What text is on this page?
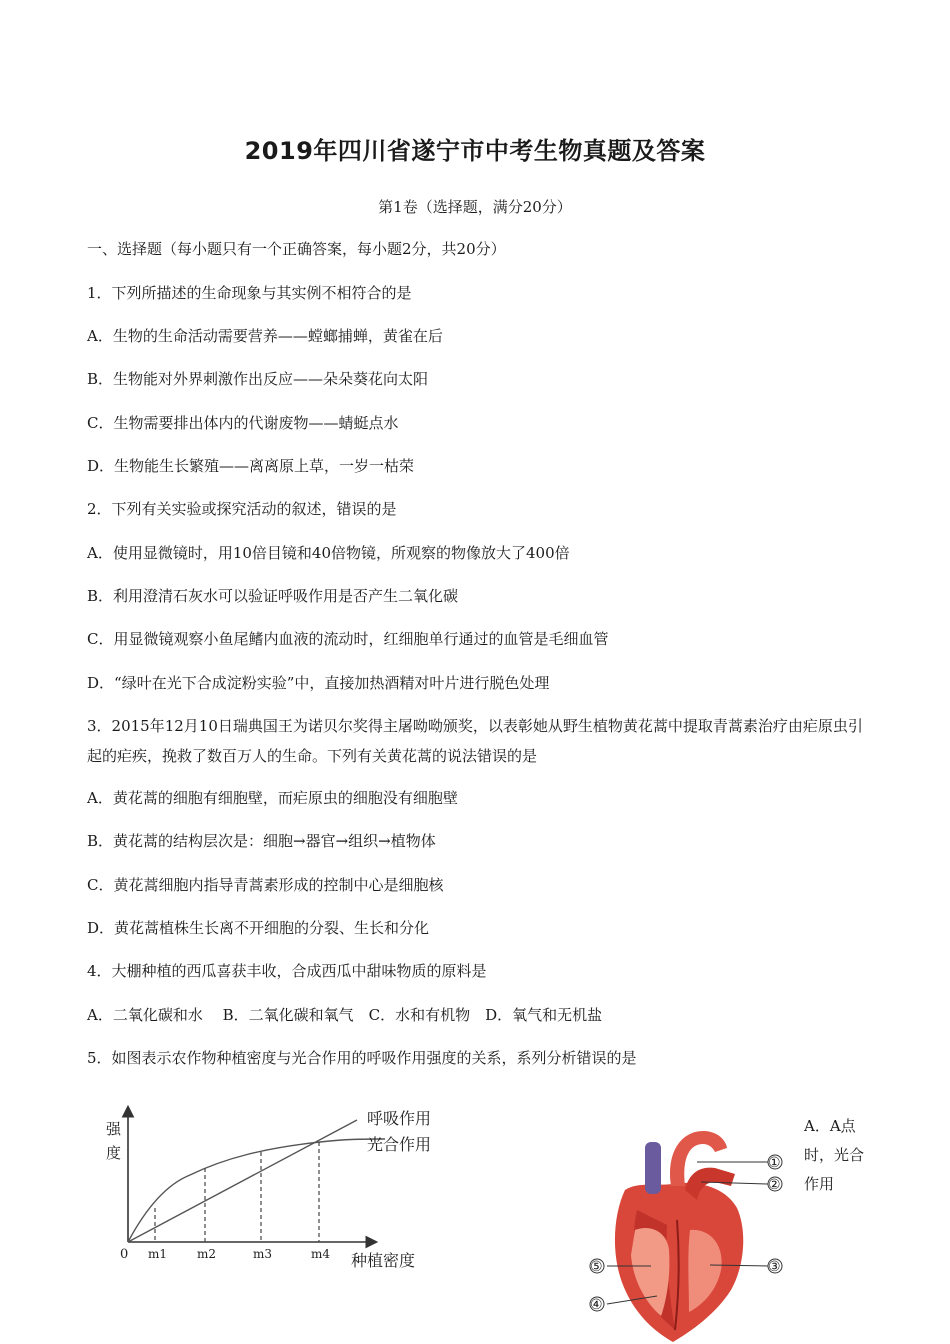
2019年四川省遂宁市中考生物真题及答案
第1卷（选择题，满分20分）
一、选择题（每小题只有一个正确答案，每小题2分，共20分）
1．下列所描述的生命现象与其实例不相符合的是
A．生物的生命活动需要营养——螳螂捕蝉，黄雀在后
B．生物能对外界刺激作出反应——朵朵葵花向太阳
C．生物需要排出体内的代谢废物——蜻蜓点水
D．生物能生长繁殖——离离原上草，一岁一枯荣
2．下列有关实验或探究活动的叙述，错误的是
A．使用显微镜时，用10倍目镜和40倍物镜，所观察的物像放大了400倍
B．利用澄清石灰水可以验证呼吸作用是否产生二氧化碳
C．用显微镜观察小鱼尾鳍内血液的流动时，红细胞单行通过的血管是毛细血管
D．“绿叶在光下合成淀粉实验”中，直接加热酒精对叶片进行脱色处理
3．2015年12月10日瑞典国王为诺贝尔奖得主屠呦呦颁奖，以表彰她从野生植物黄花蒿中提取青蒿素治疗由疟原虫引起的疟疾，挽救了数百万人的生命。下列有关黄花蒿的说法错误的是
A．黄花蒿的细胞有细胞壁，而疟原虫的细胞没有细胞壁
B．黄花蒿的结构层次是：细胞→器官→组织→植物体
C．黄花蒿细胞内指导青蒿素形成的控制中心是细胞核
D．黄花蒿植株生长离不开细胞的分裂、生长和分化
4．大棚种植的西瓜喜获丰收，合成西瓜中甜味物质的原料是
A．二氧化碳和水　 B．二氧化碳和氧气　C．水和有机物　D．氧气和无机盐
5．如图表示农作物种植密度与光合作用的呼吸作用强度的关系，系列分析错误的是
强
度
0 m1 m2	m3	m4 种植密度
呼吸作用
光合作用
①
②
③
④
⑤
A．A点时，光合作用
